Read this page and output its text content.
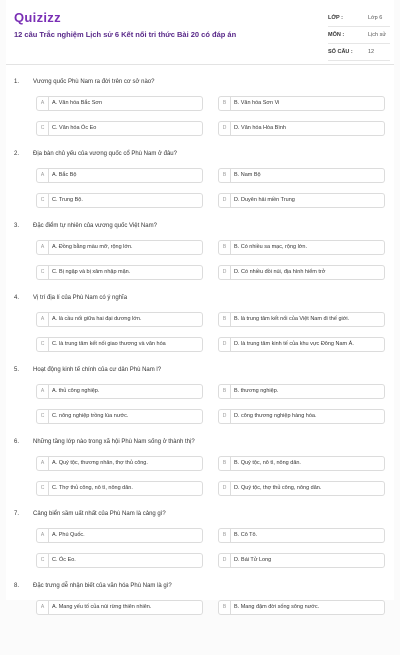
Quizizz
12 câu Trắc nghiệm Lịch sử 6 Kết nối tri thức Bài 20 có đáp án
LỚP :	Lớp 6
MÔN :	Lịch sử
SỐ CÂU :	12
1. Vương quốc Phù Nam ra đời trên cơ sở nào?
A	A. Văn hóa Bắc Sơn	B	B. Văn hóa Sơn Vi
C	C. Văn hóa Óc Eo	D	D. Văn hóa Hòa Bình
2. Địa bàn chủ yếu của vương quốc cổ Phù Nam ở đâu?
A	A. Bắc Bộ	B	B. Nam Bộ
C	C. Trung Bộ.	D	D. Duyên hải miền Trung
3. Đặc điểm tự nhiên của vương quốc Việt Nam?
A	A. Đồng bằng màu mỡ, rộng lớn.	B	B. Có nhiều sa mạc, rộng lớn.
C	C. Bị ngập và bị xâm nhập mặn.	D	D. Có nhiều đồi núi, địa hình hiểm trở
4. Vị trí địa lí của Phù Nam có ý nghĩa
A	A. là cầu nối giữa hai đại dương lớn.	B	B. là trung tâm kết nối của Việt Nam đi thế giới.
C	C. là trung tâm kết nối giao thương và văn hóa	D	D. là trung tâm kinh tế của khu vực Đông Nam Á.
5. Hoạt động kinh tế chính của cư dân Phù Nam l?
A	A. thủ công nghiệp.	B	B. thương nghiệp.
C	C. nông nghiệp trồng lúa nước.	D	D. công thương nghiệp hàng hóa.
6. Những tầng lớp nào trong xã hội Phù Nam sống ở thành thị?
A	A. Quý tộc, thương nhân, thợ thủ công.	B	B. Quý tộc, nô tì, nông dân.
C	C. Thợ thủ công, nô tì, nông dân.	D	D. Quý tộc, thợ thủ công, nông dân.
7. Cảng biển sầm uất nhất của Phù Nam là cảng gì?
A	A. Phú Quốc.	B	B. Cô Tô.
C	C. Óc Eo.	D	D. Bái Tử Long
8. Đặc trưng dễ nhận biết của văn hóa Phù Nam là gì?
A	A. Mang yếu tố của núi rừng thiên nhiên.	B	B. Mang đậm đời sống sông nước.
